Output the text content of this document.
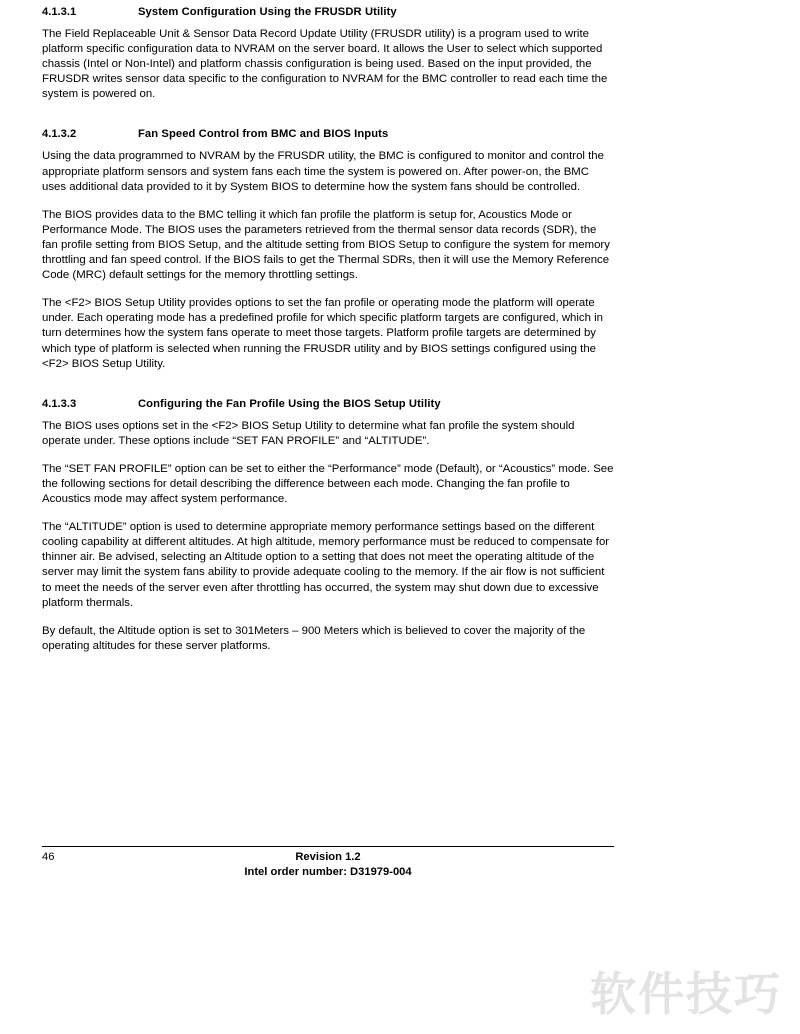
4.1.3.1	System Configuration Using the FRUSDR Utility

The Field Replaceable Unit & Sensor Data Record Update Utility (FRUSDR utility) is a program used to write platform specific configuration data to NVRAM on the server board. It allows the User to select which supported chassis (Intel or Non-Intel) and platform chassis configuration is being used. Based on the input provided, the FRUSDR writes sensor data specific to the configuration to NVRAM for the BMC controller to read each time the system is powered on.

4.1.3.2	Fan Speed Control from BMC and BIOS Inputs

Using the data programmed to NVRAM by the FRUSDR utility, the BMC is configured to monitor and control the appropriate platform sensors and system fans each time the system is powered on. After power-on, the BMC uses additional data provided to it by System BIOS to determine how the system fans should be controlled.

The BIOS provides data to the BMC telling it which fan profile the platform is setup for, Acoustics Mode or Performance Mode. The BIOS uses the parameters retrieved from the thermal sensor data records (SDR), the fan profile setting from BIOS Setup, and the altitude setting from BIOS Setup to configure the system for memory throttling and fan speed control. If the BIOS fails to get the Thermal SDRs, then it will use the Memory Reference Code (MRC) default settings for the memory throttling settings.

The <F2> BIOS Setup Utility provides options to set the fan profile or operating mode the platform will operate under. Each operating mode has a predefined profile for which specific platform targets are configured, which in turn determines how the system fans operate to meet those targets. Platform profile targets are determined by which type of platform is selected when running the FRUSDR utility and by BIOS settings configured using the <F2> BIOS Setup Utility.

4.1.3.3	Configuring the Fan Profile Using the BIOS Setup Utility

The BIOS uses options set in the <F2> BIOS Setup Utility to determine what fan profile the system should operate under. These options include “SET FAN PROFILE” and “ALTITUDE”.

The “SET FAN PROFILE” option can be set to either the “Performance” mode (Default), or “Acoustics” mode. See the following sections for detail describing the difference between each mode. Changing the fan profile to Acoustics mode may affect system performance.

The “ALTITUDE” option is used to determine appropriate memory performance settings based on the different cooling capability at different altitudes. At high altitude, memory performance must be reduced to compensate for thinner air. Be advised, selecting an Altitude option to a setting that does not meet the operating altitude of the server may limit the system fans ability to provide adequate cooling to the memory. If the air flow is not sufficient to meet the needs of the server even after throttling has occurred, the system may shut down due to excessive platform thermals.

By default, the Altitude option is set to 301Meters – 900 Meters which is believed to cover the majority of the operating altitudes for these server platforms.

46	Revision 1.2
Intel order number: D31979-004
软件技巧
